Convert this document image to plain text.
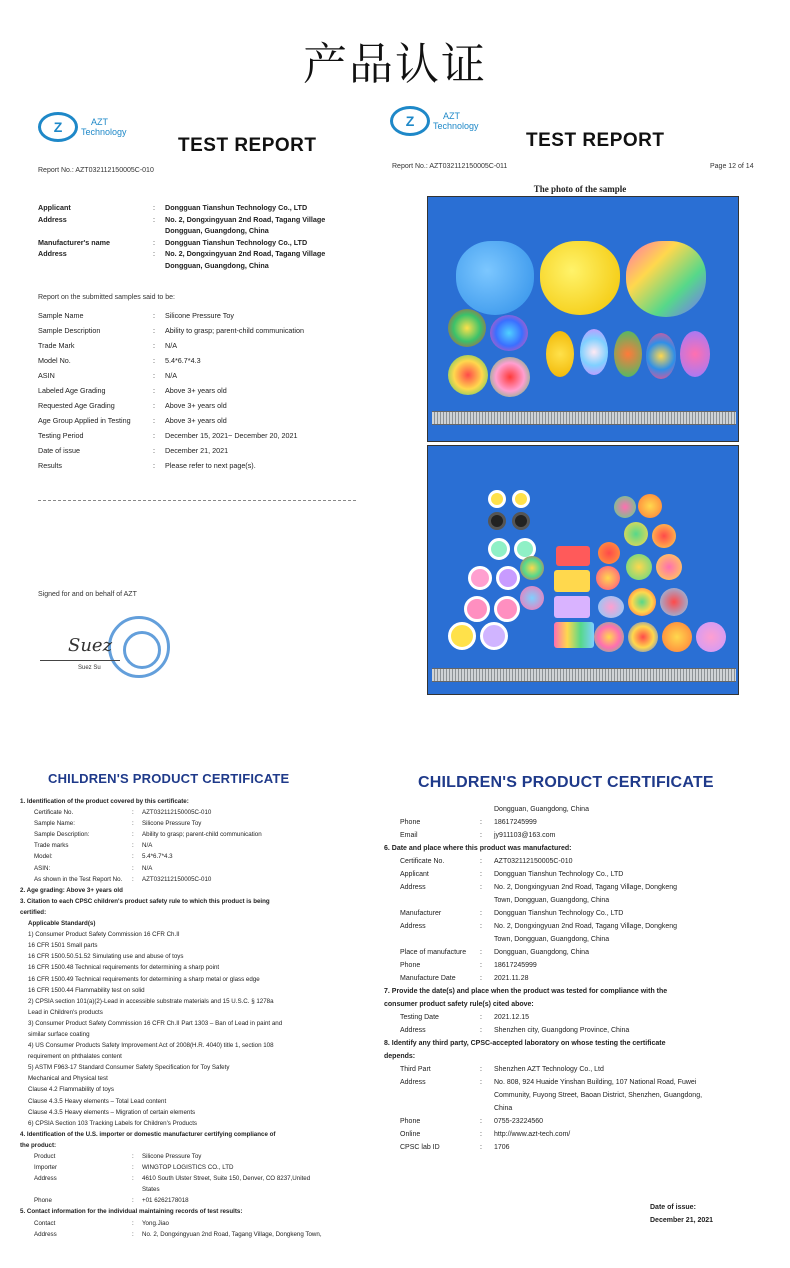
产品认证
Z	AZT
Technology
TEST REPORT
Report No.: AZT032112150005C-010
Applicant	:	Dongguan Tianshun Technology Co., LTD
Address	:	No. 2, Dongxingyuan 2nd Road, Tagang Village
Dongguan, Guangdong, China
Manufacturer's name	:	Dongguan Tianshun Technology Co., LTD
Address	:	No. 2, Dongxingyuan 2nd Road, Tagang Village
Dongguan, Guangdong, China
Report on the submitted samples said to be:
Sample Name	:	Silicone Pressure Toy
Sample Description	:	Ability to grasp; parent-child communication
Trade Mark	:	N/A
Model No.	:	5.4*6.7*4.3
ASIN	:	N/A
Labeled Age Grading	:	Above 3+ years old
Requested Age Grading	:	Above 3+ years old
Age Group Applied in Testing	:	Above 3+ years old
Testing Period	:	December 15, 2021~ December 20, 2021
Date of issue	:	December 21, 2021
Results	:	Please refer to next page(s).
Signed for and on behalf of AZT
Suez
Suez Su
Z	AZT
Technology
TEST REPORT
Report No.: AZT032112150005C-011	Page 12 of 14
The photo of the sample
CHILDREN'S PRODUCT CERTIFICATE
1. Identification of the product covered by this certificate:
Certificate No.	:	AZT032112150005C-010
Sample Name:	:	Silicone Pressure Toy
Sample Description:	:	Ability to grasp; parent-child communication
Trade marks	:	N/A
Model:	:	5.4*6.7*4.3
ASIN:	:	N/A
As shown in the Test Report No.	:	AZT032112150005C-010
2. Age grading: Above 3+ years old
3. Citation to each CPSC children's product safety rule to which this product is being
certified:
Applicable Standard(s)
1) Consumer Product Safety Commission 16 CFR Ch.II
16 CFR 1501 Small parts
16 CFR 1500.50.51.52 Simulating use and abuse of toys
16 CFR 1500.48 Technical requirements for determining a sharp point
16 CFR 1500.49 Technical requirements for determining a sharp metal or glass edge
16 CFR 1500.44 Flammability test on solid
2) CPSIA section 101(a)(2)-Lead in accessible substrate materials and 15 U.S.C. § 1278a
Lead in Children's products
3) Consumer Product Safety Commission 16 CFR Ch.II Part 1303 – Ban of Lead in paint and
similar surface coating
4) US Consumer Products Safety Improvement Act of 2008(H.R. 4040) title 1, section 108
requirement on phthalates content
5) ASTM F963-17 Standard Consumer Safety Specification for Toy Safety
Mechanical and Physical test
Clause 4.2 Flammability of toys
Clause 4.3.5 Heavy elements – Total Lead content
Clause 4.3.5 Heavy elements – Migration of certain elements
6) CPSIA Section 103 Tracking Labels for Children's Products
4. Identification of the U.S. importer or domestic manufacturer certifying compliance of
the product:
Product	:	Silicone Pressure Toy
Importer	:	WINGTOP LOGISTICS CO., LTD
Address	:	4610 South Ulster Street, Suite 150, Denver, CO 8237,United
States
Phone	:	+01 6262178018
5. Contact information for the individual maintaining records of test results:
Contact	:	Yong.Jiao
Address	:	No. 2, Dongxingyuan 2nd Road, Tagang Village, Dongkeng Town,
CHILDREN'S PRODUCT CERTIFICATE
Dongguan, Guangdong, China
Phone	:	18617245999
Email	:	jy911103@163.com
6. Date and place where this product was manufactured:
Certificate No.	:	AZT032112150005C-010
Applicant	:	Dongguan Tianshun Technology Co., LTD
Address	:	No. 2, Dongxingyuan 2nd Road, Tagang Village, Dongkeng
Town, Dongguan, Guangdong, China
Manufacturer	:	Dongguan Tianshun Technology Co., LTD
Address	:	No. 2, Dongxingyuan 2nd Road, Tagang Village, Dongkeng
Town, Dongguan, Guangdong, China
Place of manufacture	:	Dongguan, Guangdong, China
Phone	:	18617245999
Manufacture Date	:	2021.11.28
7. Provide the date(s) and place when the product was tested for compliance with the
consumer product safety rule(s) cited above:
Testing Date	:	2021.12.15
Address	:	Shenzhen city, Guangdong Province, China
8. Identify any third party, CPSC-accepted laboratory on whose testing the certificate
depends:
Third Part	:	Shenzhen AZT Technology Co., Ltd
Address	:	No. 808, 924 Huaide Yinshan Building, 107 National Road, Fuwei
Community, Fuyong Street, Baoan District, Shenzhen, Guangdong,
China
Phone	:	0755-23224560
Online	:	http://www.azt-tech.com/
CPSC lab ID	:	1706
Date of issue:
December 21, 2021
